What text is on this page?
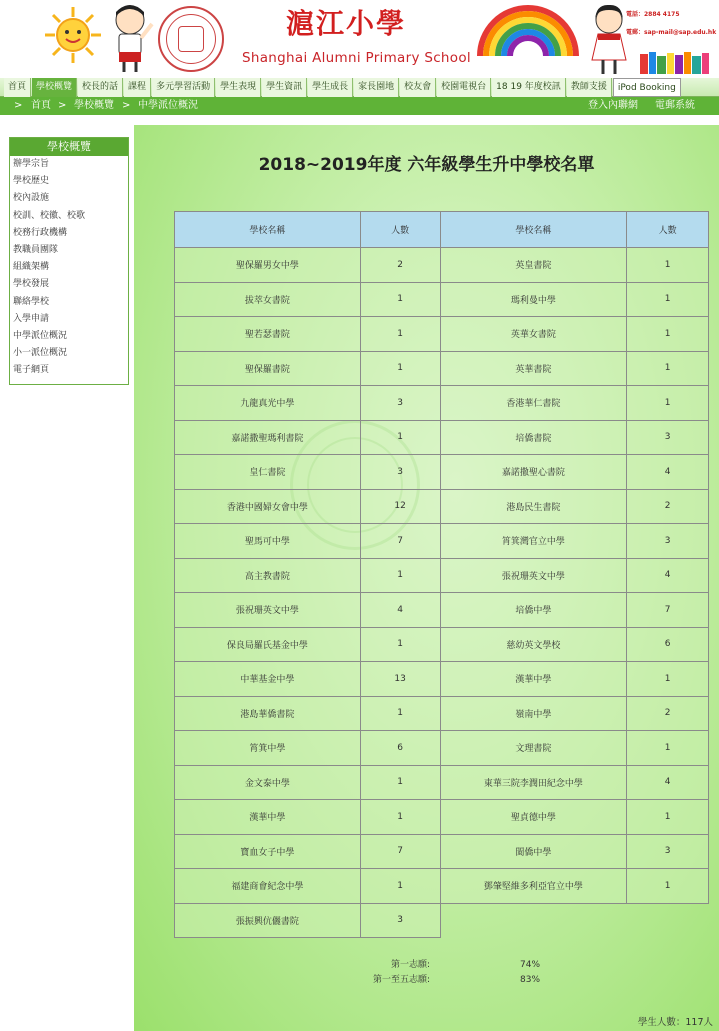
滬江小學
Shanghai Alumni Primary School
電話：2884 4175
電郵：sap-mail@sap.edu.hk
首頁	學校概覽	校長的話	課程	多元學習活動	學生表現	學生資訊	學生成長	家長園地	校友會	校園電視台	18 19 年度校訊	教師支援	iPod Booking
> 首頁 > 學校概覽 > 中學派位概況	登入內聯網 電郵系統
學校概覽
辦學宗旨
學校歷史
校內設施
校訓、校徽、校歌
校務行政機構
教職員團隊
組織架構
學校發展
聯絡學校
入學申請
中學派位概況
小一派位概況
電子網頁
2018~2019年度 六年級學生升中學校名單
學校名稱	人數	學校名稱	人數
聖保羅男女中學	2	英皇書院	1
拔萃女書院	1	瑪利曼中學	1
聖若瑟書院	1	英華女書院	1
聖保羅書院	1	英華書院	1
九龍真光中學	3	香港華仁書院	1
嘉諾撒聖瑪利書院	1	培僑書院	3
皇仁書院	3	嘉諾撒聖心書院	4
香港中國婦女會中學	12	港島民生書院	2
聖馬可中學	7	筲箕灣官立中學	3
高主教書院	1	張祝珊英文中學	4
張祝珊英文中學	4	培僑中學	7
保良局羅氏基金中學	1	慈幼英文學校	6
中華基金中學	13	漢華中學	1
港島華僑書院	1	嶺南中學	2
筲箕中學	6	文理書院	1
金文泰中學	1	東華三院李潤田紀念中學	4
漢華中學	1	聖貞德中學	1
寶血女子中學	7	閩僑中學	3
福建商會紀念中學	1	鄧肇堅維多利亞官立中學	1
張振興伉儷書院	3		
第一志願:	74%
第一至五志願:	83%
學生人數：117人
